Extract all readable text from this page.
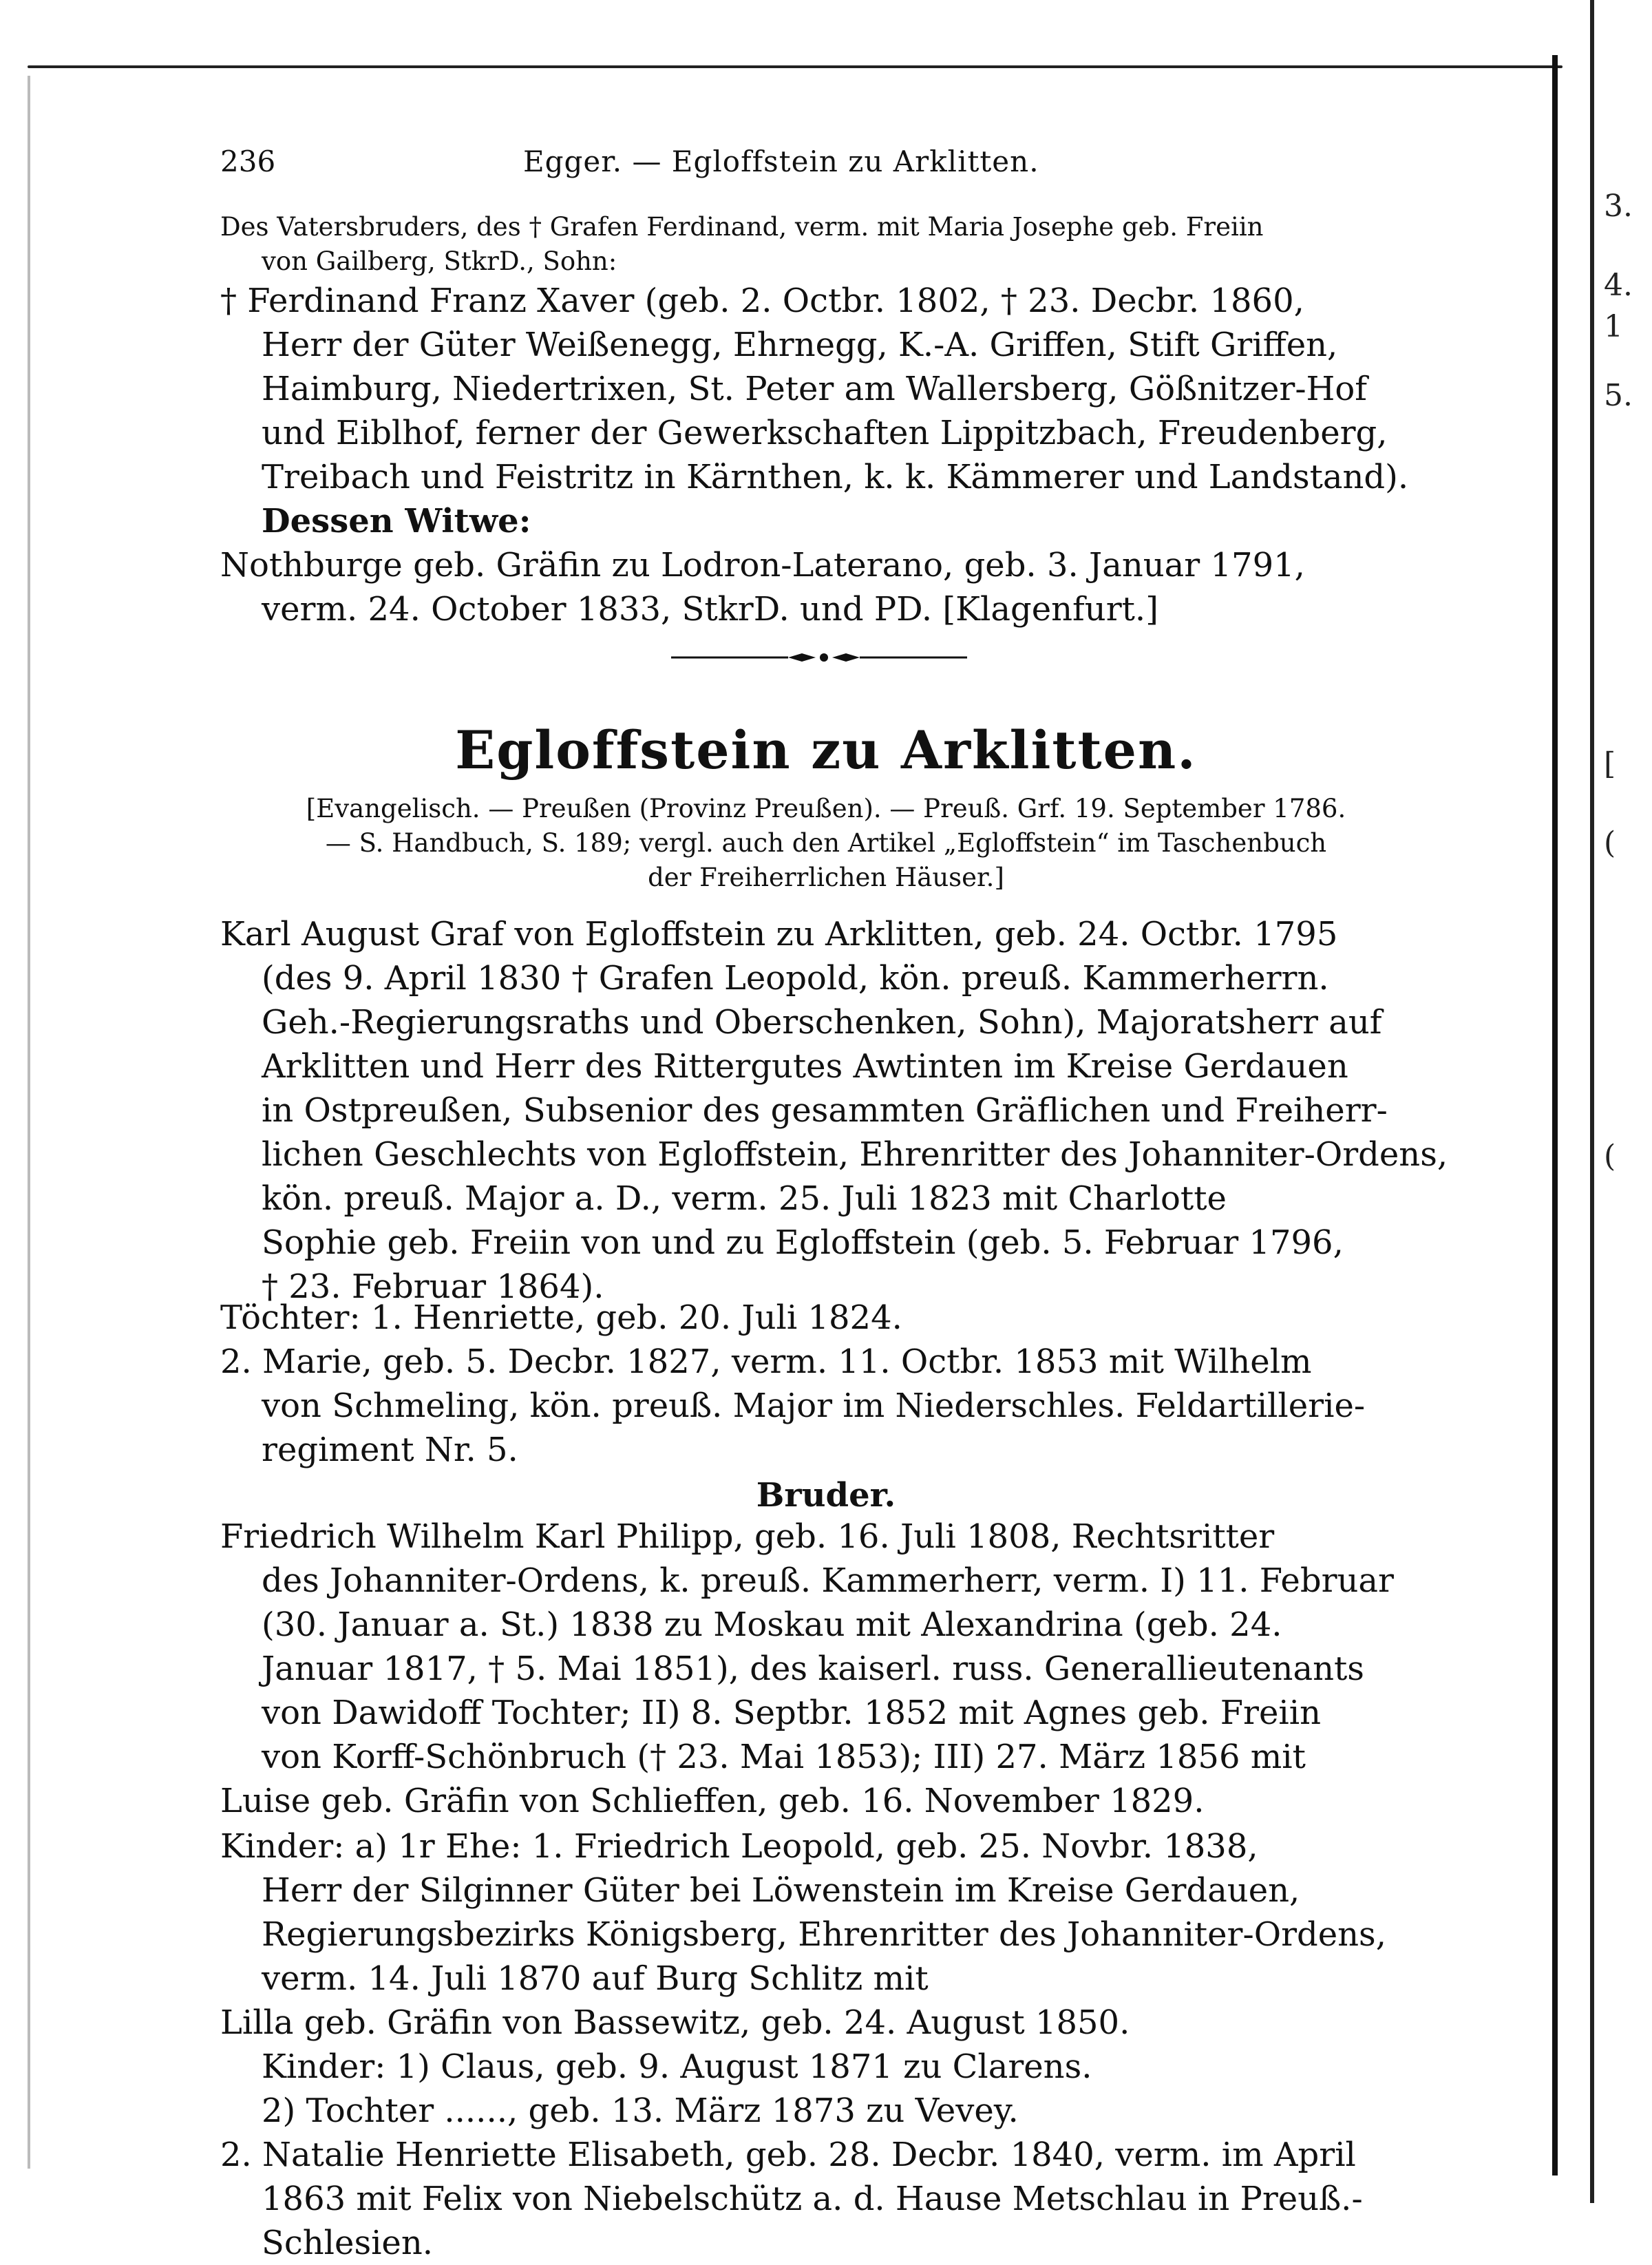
3.
4.
1
5.
[
(
(
236	Egger. — Egloffstein zu Arklitten.
Des Vatersbruders, des † Grafen Ferdinand, verm. mit Maria Josephe geb. Freiin
von Gailberg, StkrD., Sohn:
† Ferdinand Franz Xaver (geb. 2. Octbr. 1802, † 23. Decbr. 1860,
Herr der Güter Weißenegg, Ehrnegg, K.-A. Griffen, Stift Griffen,
Haimburg, Niedertrixen, St. Peter am Wallersberg, Gößnitzer-Hof
und Eiblhof, ferner der Gewerkschaften Lippitzbach, Freudenberg,
Treibach und Feistritz in Kärnthen, k. k. Kämmerer und Landstand).
Dessen Witwe:
Nothburge geb. Gräfin zu Lodron-Laterano, geb. 3. Januar 1791,
verm. 24. October 1833, StkrD. und PD. [Klagenfurt.]
Egloffstein zu Arklitten.
[Evangelisch. — Preußen (Provinz Preußen). — Preuß. Grf. 19. September 1786.
— S. Handbuch, S. 189; vergl. auch den Artikel „Egloffstein“ im Taschenbuch
der Freiherrlichen Häuser.]
Karl August Graf von Egloffstein zu Arklitten, geb. 24. Octbr. 1795
(des 9. April 1830 † Grafen Leopold, kön. preuß. Kammerherrn.
Geh.-Regierungsraths und Oberschenken, Sohn), Majoratsherr auf
Arklitten und Herr des Rittergutes Awtinten im Kreise Gerdauen
in Ostpreußen, Subsenior des gesammten Gräflichen und Freiherr-
lichen Geschlechts von Egloffstein, Ehrenritter des Johanniter-Ordens,
kön. preuß. Major a. D., verm. 25. Juli 1823 mit Charlotte
Sophie geb. Freiin von und zu Egloffstein (geb. 5. Februar 1796,
† 23. Februar 1864).
Töchter: 1. Henriette, geb. 20. Juli 1824.
2. Marie, geb. 5. Decbr. 1827, verm. 11. Octbr. 1853 mit Wilhelm
von Schmeling, kön. preuß. Major im Niederschles. Feldartillerie-
regiment Nr. 5.
Bruder.
Friedrich Wilhelm Karl Philipp, geb. 16. Juli 1808, Rechtsritter
des Johanniter-Ordens, k. preuß. Kammerherr, verm. I) 11. Februar
(30. Januar a. St.) 1838 zu Moskau mit Alexandrina (geb. 24.
Januar 1817, † 5. Mai 1851), des kaiserl. russ. Generallieutenants
von Dawidoff Tochter; II) 8. Septbr. 1852 mit Agnes geb. Freiin
von Korff-Schönbruch († 23. Mai 1853); III) 27. März 1856 mit
Luise geb. Gräfin von Schlieffen, geb. 16. November 1829.
Kinder: a) 1r Ehe: 1. Friedrich Leopold, geb. 25. Novbr. 1838,
Herr der Silginner Güter bei Löwenstein im Kreise Gerdauen,
Regierungsbezirks Königsberg, Ehrenritter des Johanniter-Ordens,
verm. 14. Juli 1870 auf Burg Schlitz mit
Lilla geb. Gräfin von Bassewitz, geb. 24. August 1850.
Kinder: 1) Claus, geb. 9. August 1871 zu Clarens.
2) Tochter ......, geb. 13. März 1873 zu Vevey.
2. Natalie Henriette Elisabeth, geb. 28. Decbr. 1840, verm. im April
1863 mit Felix von Niebelschütz a. d. Hause Metschlau in Preuß.-
Schlesien.
